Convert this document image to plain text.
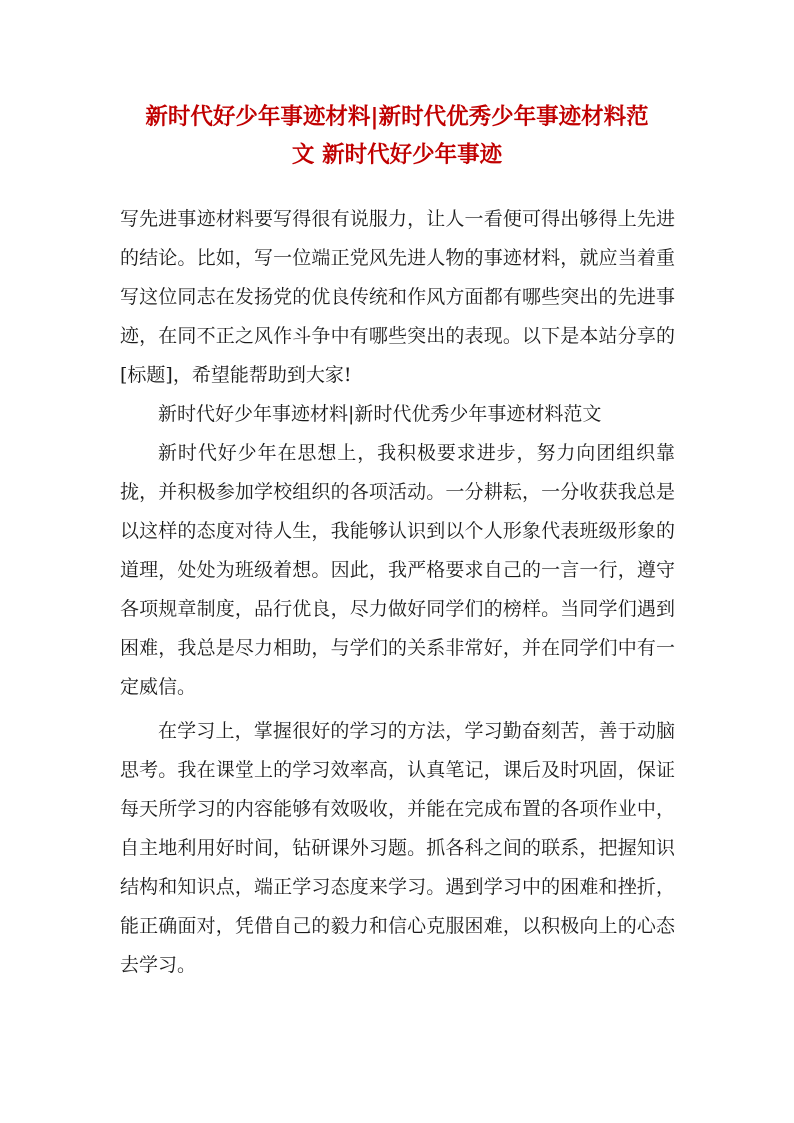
新时代好少年事迹材料|新时代优秀少年事迹材料范
文 新时代好少年事迹

写先进事迹材料要写得很有说服力，让人一看便可得出够得上先进的结论。比如，写一位端正党风先进人物的事迹材料，就应当着重写这位同志在发扬党的优良传统和作风方面都有哪些突出的先进事迹，在同不正之风作斗争中有哪些突出的表现。以下是本站分享的[标题]，希望能帮助到大家!

新时代好少年事迹材料|新时代优秀少年事迹材料范文

新时代好少年在思想上，我积极要求进步，努力向团组织靠拢，并积极参加学校组织的各项活动。一分耕耘，一分收获我总是以这样的态度对待人生，我能够认识到以个人形象代表班级形象的道理，处处为班级着想。因此，我严格要求自己的一言一行，遵守各项规章制度，品行优良，尽力做好同学们的榜样。当同学们遇到困难，我总是尽力相助，与学们的关系非常好，并在同学们中有一定威信。

在学习上，掌握很好的学习的方法，学习勤奋刻苦，善于动脑思考。我在课堂上的学习效率高，认真笔记，课后及时巩固，保证每天所学习的内容能够有效吸收，并能在完成布置的各项作业中，自主地利用好时间，钻研课外习题。抓各科之间的联系，把握知识结构和知识点，端正学习态度来学习。遇到学习中的困难和挫折，能正确面对，凭借自己的毅力和信心克服困难，以积极向上的心态去学习。
